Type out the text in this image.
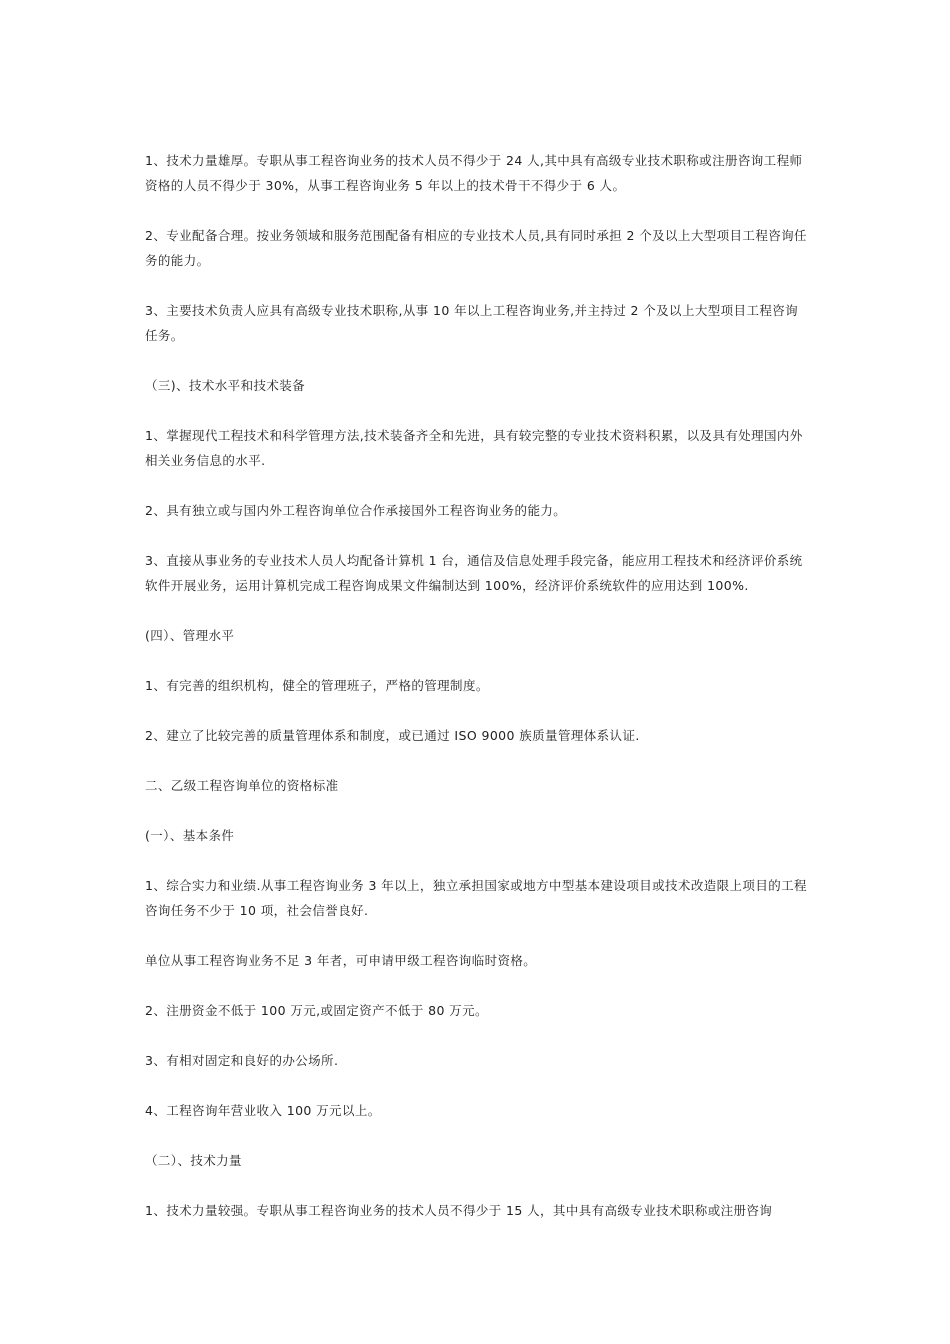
1、技术力量雄厚。专职从事工程咨询业务的技术人员不得少于 24 人,其中具有高级专业技术职称或注册咨询工程师资格的人员不得少于 30%，从事工程咨询业务 5 年以上的技术骨干不得少于 6 人。

2、专业配备合理。按业务领域和服务范围配备有相应的专业技术人员,具有同时承担 2 个及以上大型项目工程咨询任务的能力。

3、主要技术负责人应具有高级专业技术职称,从事 10 年以上工程咨询业务,并主持过 2 个及以上大型项目工程咨询任务。

（三)、技术水平和技术装备

1、掌握现代工程技术和科学管理方法,技术装备齐全和先进，具有较完整的专业技术资料积累，以及具有处理国内外相关业务信息的水平.

2、具有独立或与国内外工程咨询单位合作承接国外工程咨询业务的能力。

3、直接从事业务的专业技术人员人均配备计算机 1 台，通信及信息处理手段完备，能应用工程技术和经济评价系统软件开展业务，运用计算机完成工程咨询成果文件编制达到 100%，经济评价系统软件的应用达到 100%.

(四）、管理水平

1、有完善的组织机构，健全的管理班子，严格的管理制度。

2、建立了比较完善的质量管理体系和制度，或已通过 ISO 9000 族质量管理体系认证.

二、乙级工程咨询单位的资格标准

(一）、基本条件

1、综合实力和业绩.从事工程咨询业务 3 年以上，独立承担国家或地方中型基本建设项目或技术改造限上项目的工程咨询任务不少于 10 项，社会信誉良好.

单位从事工程咨询业务不足 3 年者，可申请甲级工程咨询临时资格。

2、注册资金不低于 100 万元,或固定资产不低于 80 万元。

3、有相对固定和良好的办公场所.

4、工程咨询年营业收入 100 万元以上。

（二）、技术力量

1、技术力量较强。专职从事工程咨询业务的技术人员不得少于 15 人，其中具有高级专业技术职称或注册咨询
